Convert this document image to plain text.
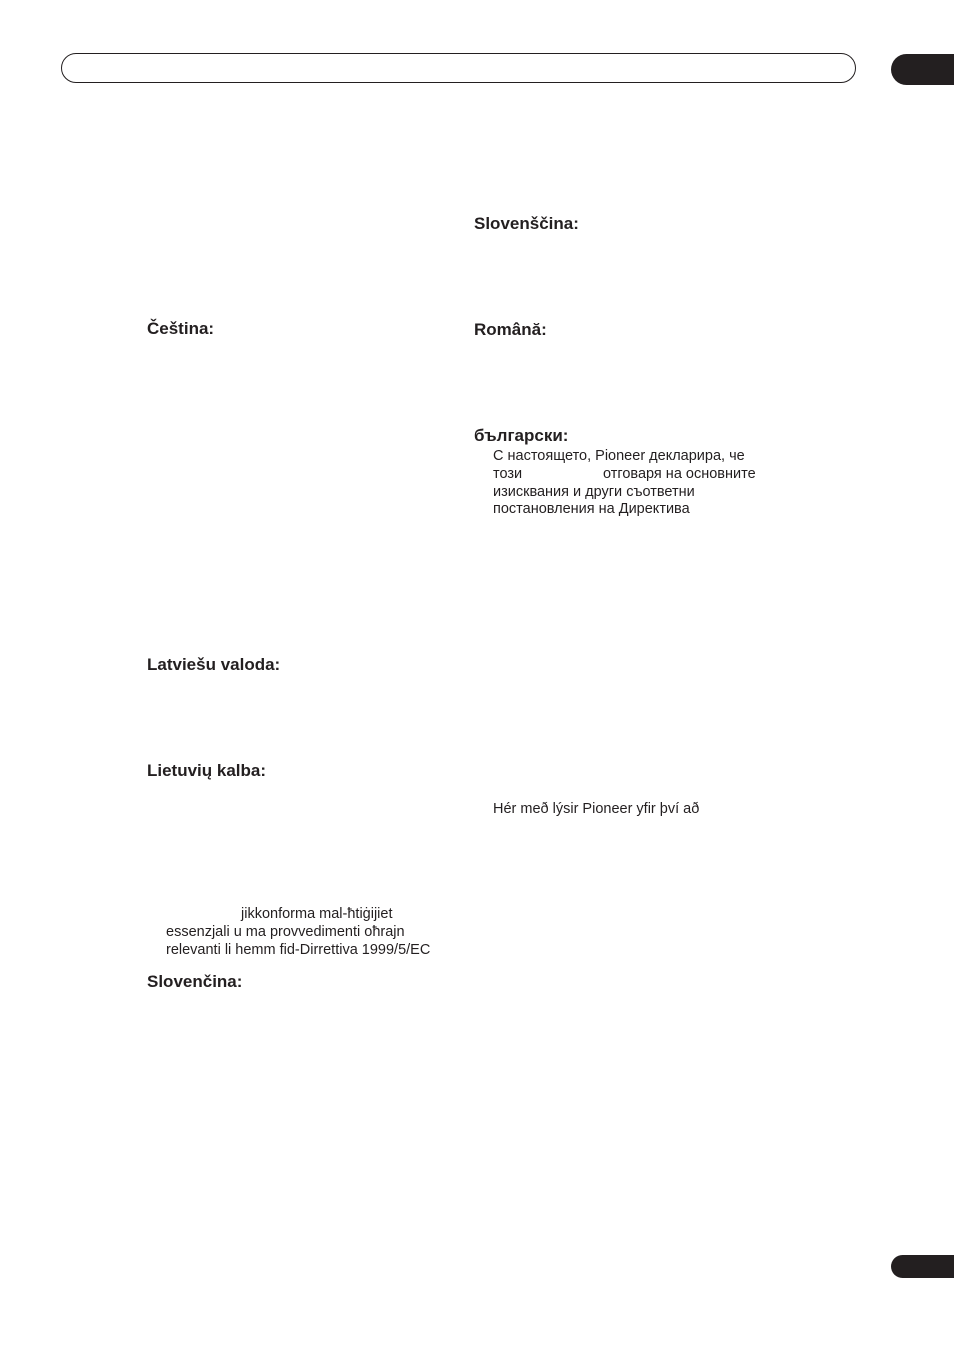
Čeština:
Latviešu valoda:
Lietuvių kalba:

jikkonforma mal-ħtiġijiet

essenzjali u ma provvedimenti oħrajn

relevanti li hemm fid-Dirrettiva 1999/5/EC

Slovenčina:
Slovenščina:
Română:
български:

С настоящето, Pioneer декларира, че

този	отговаря на основните

изисквания и други съответни

постановления на Директива

Hér með lýsir Pioneer yfir því að
